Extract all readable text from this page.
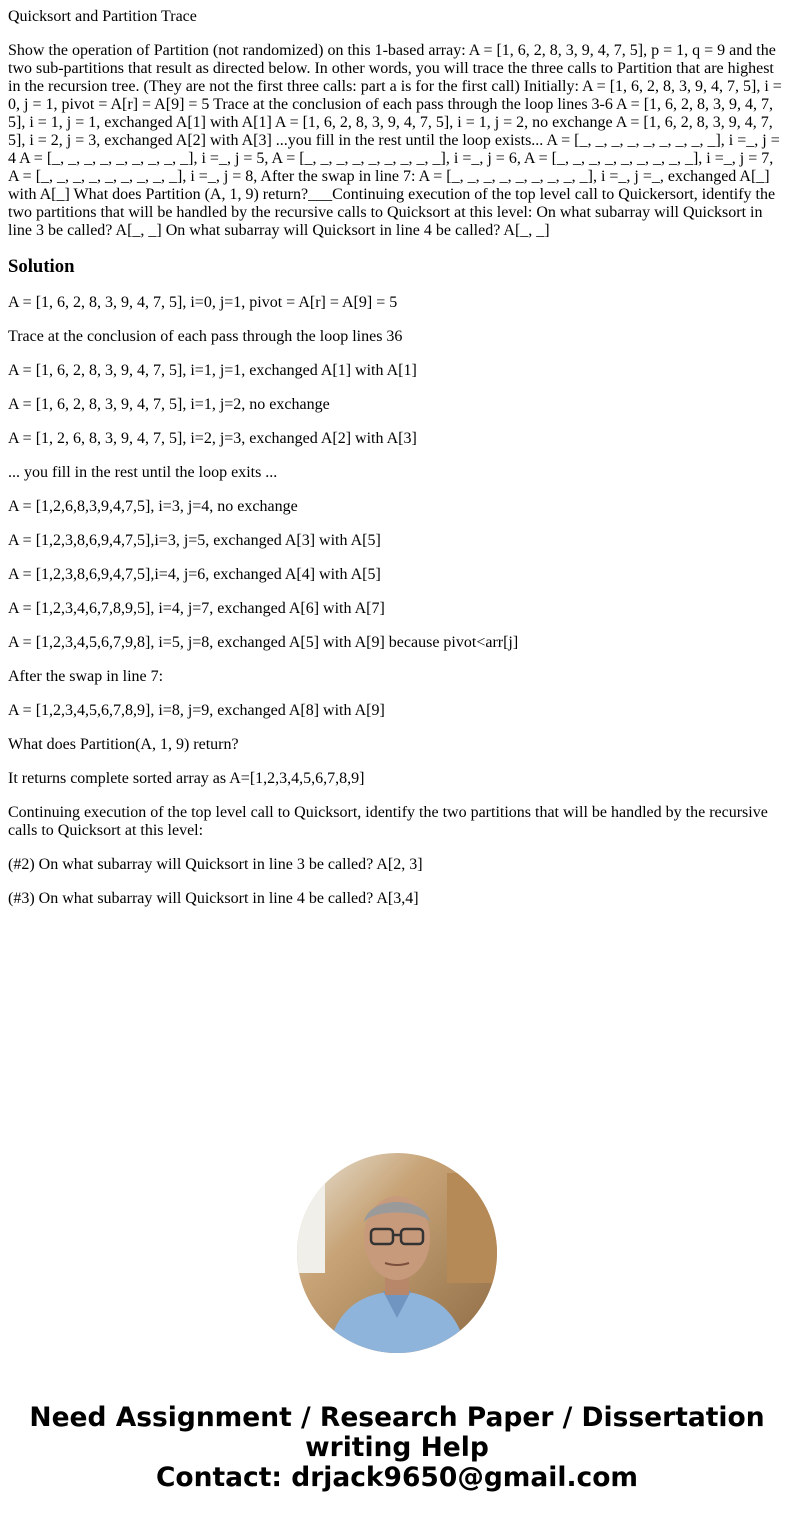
Quicksort and Partition Trace

Show the operation of Partition (not randomized) on this 1-based array: A = [1, 6, 2, 8, 3, 9, 4, 7, 5], p = 1, q = 9 and the two sub-partitions that result as directed below. In other words, you will trace the three calls to Partition that are highest in the recursion tree. (They are not the first three calls: part a is for the first call) Initially: A = [1, 6, 2, 8, 3, 9, 4, 7, 5], i = 0, j = 1, pivot = A[r] = A[9] = 5 Trace at the conclusion of each pass through the loop lines 3-6 A = [1, 6, 2, 8, 3, 9, 4, 7, 5], i = 1, j = 1, exchanged A[1] with A[1] A = [1, 6, 2, 8, 3, 9, 4, 7, 5], i = 1, j = 2, no exchange A = [1, 6, 2, 8, 3, 9, 4, 7, 5], i = 2, j = 3, exchanged A[2] with A[3] ...you fill in the rest until the loop exists... A = [_, _, _, _, _, _, _, _, _], i =_, j = 4 A = [_, _, _, _, _, _, _, _, _], i =_, j = 5, A = [_, _, _, _, _, _, _, _, _], i =_, j = 6, A = [_, _, _, _, _, _, _, _, _], i =_, j = 7, A = [_, _, _, _, _, _, _, _, _], i =_, j = 8, After the swap in line 7: A = [_, _, _, _, _, _, _, _, _], i =_, j =_, exchanged A[_] with A[_] What does Partition (A, 1, 9) return?___Continuing execution of the top level call to Quickersort, identify the two partitions that will be handled by the recursive calls to Quicksort at this level: On what subarray will Quicksort in line 3 be called? A[_, _] On what subarray will Quicksort in line 4 be called? A[_, _]

Solution

A = [1, 6, 2, 8, 3, 9, 4, 7, 5], i=0, j=1, pivot = A[r] = A[9] = 5

Trace at the conclusion of each pass through the loop lines 36

A = [1, 6, 2, 8, 3, 9, 4, 7, 5], i=1, j=1, exchanged A[1] with A[1]

A = [1, 6, 2, 8, 3, 9, 4, 7, 5], i=1, j=2, no exchange

A = [1, 2, 6, 8, 3, 9, 4, 7, 5], i=2, j=3, exchanged A[2] with A[3]

... you fill in the rest until the loop exits ...

A = [1,2,6,8,3,9,4,7,5], i=3, j=4, no exchange

A = [1,2,3,8,6,9,4,7,5],i=3, j=5, exchanged A[3] with A[5]

A = [1,2,3,8,6,9,4,7,5],i=4, j=6, exchanged A[4] with A[5]

A = [1,2,3,4,6,7,8,9,5], i=4, j=7, exchanged A[6] with A[7]

A = [1,2,3,4,5,6,7,9,8], i=5, j=8, exchanged A[5] with A[9] because pivot<arr[j]

After the swap in line 7:

A = [1,2,3,4,5,6,7,8,9], i=8, j=9, exchanged A[8] with A[9]

What does Partition(A, 1, 9) return?

It returns complete sorted array as A=[1,2,3,4,5,6,7,8,9]

Continuing execution of the top level call to Quicksort, identify the two partitions that will be handled by the recursive calls to Quicksort at this level:

(#2) On what subarray will Quicksort in line 3 be called? A[2, 3]

(#3) On what subarray will Quicksort in line 4 be called? A[3,4]

Need Assignment / Research Paper / Dissertation
writing Help
Contact: drjack9650@gmail.com
